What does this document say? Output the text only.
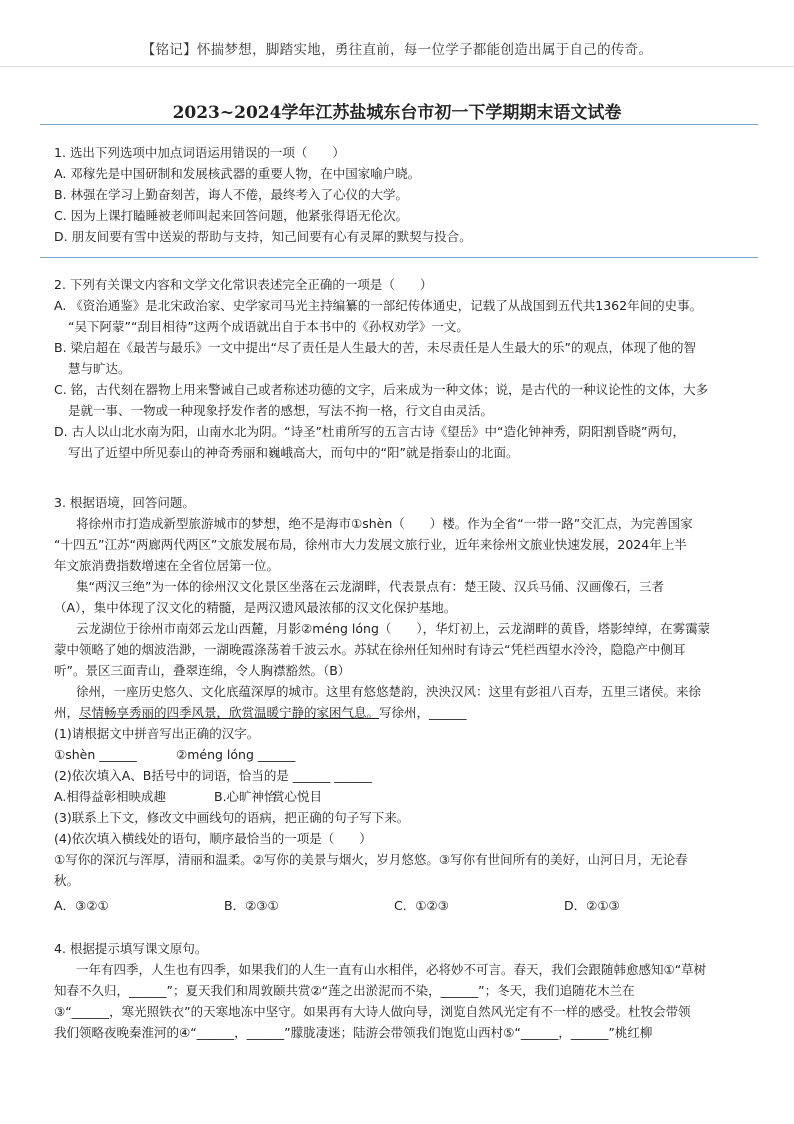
【铭记】怀揣梦想，脚踏实地，勇往直前，每一位学子都能创造出属于自己的传奇。
2023~2024学年江苏盐城东台市初一下学期期末语文试卷
1. 选出下列选项中加点词语运用错误的一项（　　）
A. 邓稼先是中国研制和发展核武器的重要人物，在中国家喻户晓。
B. 林强在学习上勤奋刻苦，诲人不倦，最终考入了心仪的大学。
C. 因为上课打瞌睡被老师叫起来回答问题，他紧张得语无伦次。
D. 朋友间要有雪中送炭的帮助与支持，知己间要有心有灵犀的默契与投合。
2. 下列有关课文内容和文学文化常识表述完全正确的一项是（　　）
A. 《资治通鉴》是北宋政治家、史学家司马光主持编纂的一部纪传体通史，记载了从战国到五代共1362年间的史事。
“吴下阿蒙”“刮目相待”这两个成语就出自于本书中的《孙权劝学》一文。
B. 梁启超在《最苦与最乐》一文中提出“尽了责任是人生最大的苦，未尽责任是人生最大的乐”的观点，体现了他的智
慧与旷达。
C. 铭，古代刻在器物上用来警诫自己或者称述功德的文字，后来成为一种文体；说，是古代的一种议论性的文体，大多
是就一事、一物或一种现象抒发作者的感想，写法不拘一格，行文自由灵活。
D. 古人以山北水南为阳，山南水北为阴。“诗圣”杜甫所写的五言古诗《望岳》中“造化钟神秀，阴阳割昏晓”两句，
写出了近望中所见泰山的神奇秀丽和巍峨高大，而句中的“阳”就是指泰山的北面。
3. 根据语境，回答问题。
将徐州市打造成新型旅游城市的梦想，绝不是海市①shèn（　　）楼。作为全省“一带一路”交汇点，为完善国家
“十四五”江苏“两廊两代两区”文旅发展布局，徐州市大力发展文旅行业，近年来徐州文旅业快速发展，2024年上半
年文旅消费指数增速在全省位居第一位。
集“两汉三绝”为一体的徐州汉文化景区坐落在云龙湖畔，代表景点有：楚王陵、汉兵马俑、汉画像石，三者
（A），集中体现了汉文化的精髓，是两汉遗风最浓郁的汉文化保护基地。
云龙湖位于徐州市南郊云龙山西麓，月影②méng lóng（　　），华灯初上，云龙湖畔的黄昏，塔影绰绰，在雾霭蒙
蒙中领略了她的烟波浩渺，一湖晚霞涤荡着千波云水。苏轼在徐州任知州时有诗云“凭栏西望水泠泠，隐隐产中侧耳
听”。景区三面青山，叠翠连绵，令人胸襟豁然。（B）
徐州，一座历史悠久、文化底蕴深厚的城市。这里有悠悠楚韵，泱泱汉风：这里有彭祖八百寿，五里三诸侯。来徐
州，尽情畅享秀丽的四季风景，欣赏温暖宁静的家困气息。写徐州，______
(1)请根据文中拼音写出正确的汉字。
①shèn ______	②méng lóng ______
(2)依次填入A、B括号中的词语，恰当的是 ______ ______
A.相得益彰相映成趣	B.心旷神怡赏心悦目
(3)联系上下文，修改文中画线句的语病，把正确的句子写下来。
(4)依次填入横线处的语句，顺序最恰当的一项是（　　）
①写你的深沉与浑厚，清丽和温柔。②写你的美景与烟火，岁月悠悠。③写你有世间所有的美好，山河日月，无论春
秋。
A．③②①	B．②③①	C．①②③	D．②①③
4. 根据提示填写课文原句。
一年有四季，人生也有四季，如果我们的人生一直有山水相伴，必将妙不可言。春天，我们会跟随韩愈感知①“草树
知春不久归，______”；夏天我们和周敦颐共赏②“莲之出淤泥而不染，______”；冬天，我们追随花木兰在
③“______，寒光照铁衣”的天寒地冻中坚守。如果再有大诗人做向导，浏览自然风光定有不一样的感受。杜牧会带领
我们领略夜晚秦淮河的④“______，______”朦胧凄迷；陆游会带领我们饱览山西村⑤“______，______”桃红柳
